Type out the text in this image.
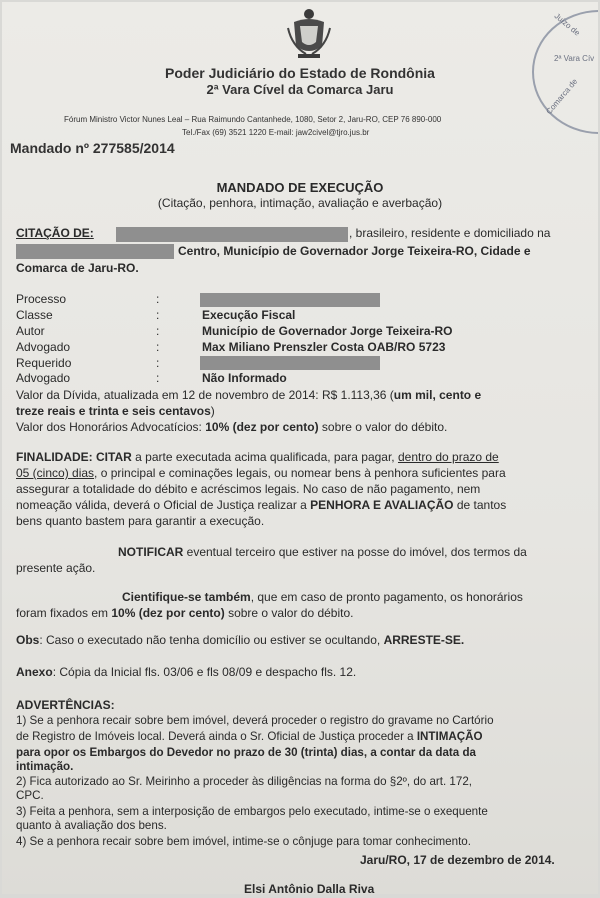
Juízo de
2ª Vara Cív
Comarca de
Poder Judiciário do Estado de Rondônia
2ª Vara Cível da Comarca Jaru
Fórum Ministro Victor Nunes Leal – Rua Raimundo Cantanhede, 1080, Setor 2, Jaru-RO, CEP 76 890-000
Tel./Fax (69) 3521 1220 E-mail: jaw2civel@tjro.jus.br
Mandado nº 277585/2014
MANDADO DE EXECUÇÃO
(Citação, penhora, intimação, avaliação e averbação)
CITAÇÃO DE:	, brasileiro, residente e domiciliado na
Centro, Município de Governador Jorge Teixeira-RO, Cidade e
Comarca de Jaru-RO.
Processo	:
Classe	:	Execução Fiscal
Autor	:	Município de Governador Jorge Teixeira-RO
Advogado	:	Max Miliano Prenszler Costa OAB/RO 5723
Requerido	:
Advogado	:	Não Informado
Valor da Dívida, atualizada em 12 de novembro de 2014: R$ 1.113,36 (um mil, cento e
treze reais e trinta e seis centavos)
Valor dos Honorários Advocatícios: 10% (dez por cento) sobre o valor do débito.
FINALIDADE: CITAR a parte executada acima qualificada, para pagar, dentro do prazo de
05 (cinco) dias, o principal e cominações legais, ou nomear bens à penhora suficientes para
assegurar a totalidade do débito e acréscimos legais. No caso de não pagamento, nem
nomeação válida, deverá o Oficial de Justiça realizar a PENHORA E AVALIAÇÃO de tantos
bens quanto bastem para garantir a execução.
NOTIFICAR eventual terceiro que estiver na posse do imóvel, dos termos da
presente ação.
Cientifique-se também, que em caso de pronto pagamento, os honorários
foram fixados em 10% (dez por cento) sobre o valor do débito.
Obs: Caso o executado não tenha domicílio ou estiver se ocultando, ARRESTE-SE.
Anexo: Cópia da Inicial fls. 03/06 e fls 08/09 e despacho fls. 12.
ADVERTÊNCIAS:
1) Se a penhora recair sobre bem imóvel, deverá proceder o registro do gravame no Cartório
de Registro de Imóveis local. Deverá ainda o Sr. Oficial de Justiça proceder a INTIMAÇÃO
para opor os Embargos do Devedor no prazo de 30 (trinta) dias, a contar da data da
intimação.
2) Fica autorizado ao Sr. Meirinho a proceder às diligências na forma do §2º, do art. 172,
CPC.
3) Feita a penhora, sem a interposição de embargos pelo executado, intime-se o exequente
quanto à avaliação dos bens.
4) Se a penhora recair sobre bem imóvel, intime-se o cônjuge para tomar conhecimento.
Jaru/RO, 17 de dezembro de 2014.
Elsi Antônio Dalla Riva
